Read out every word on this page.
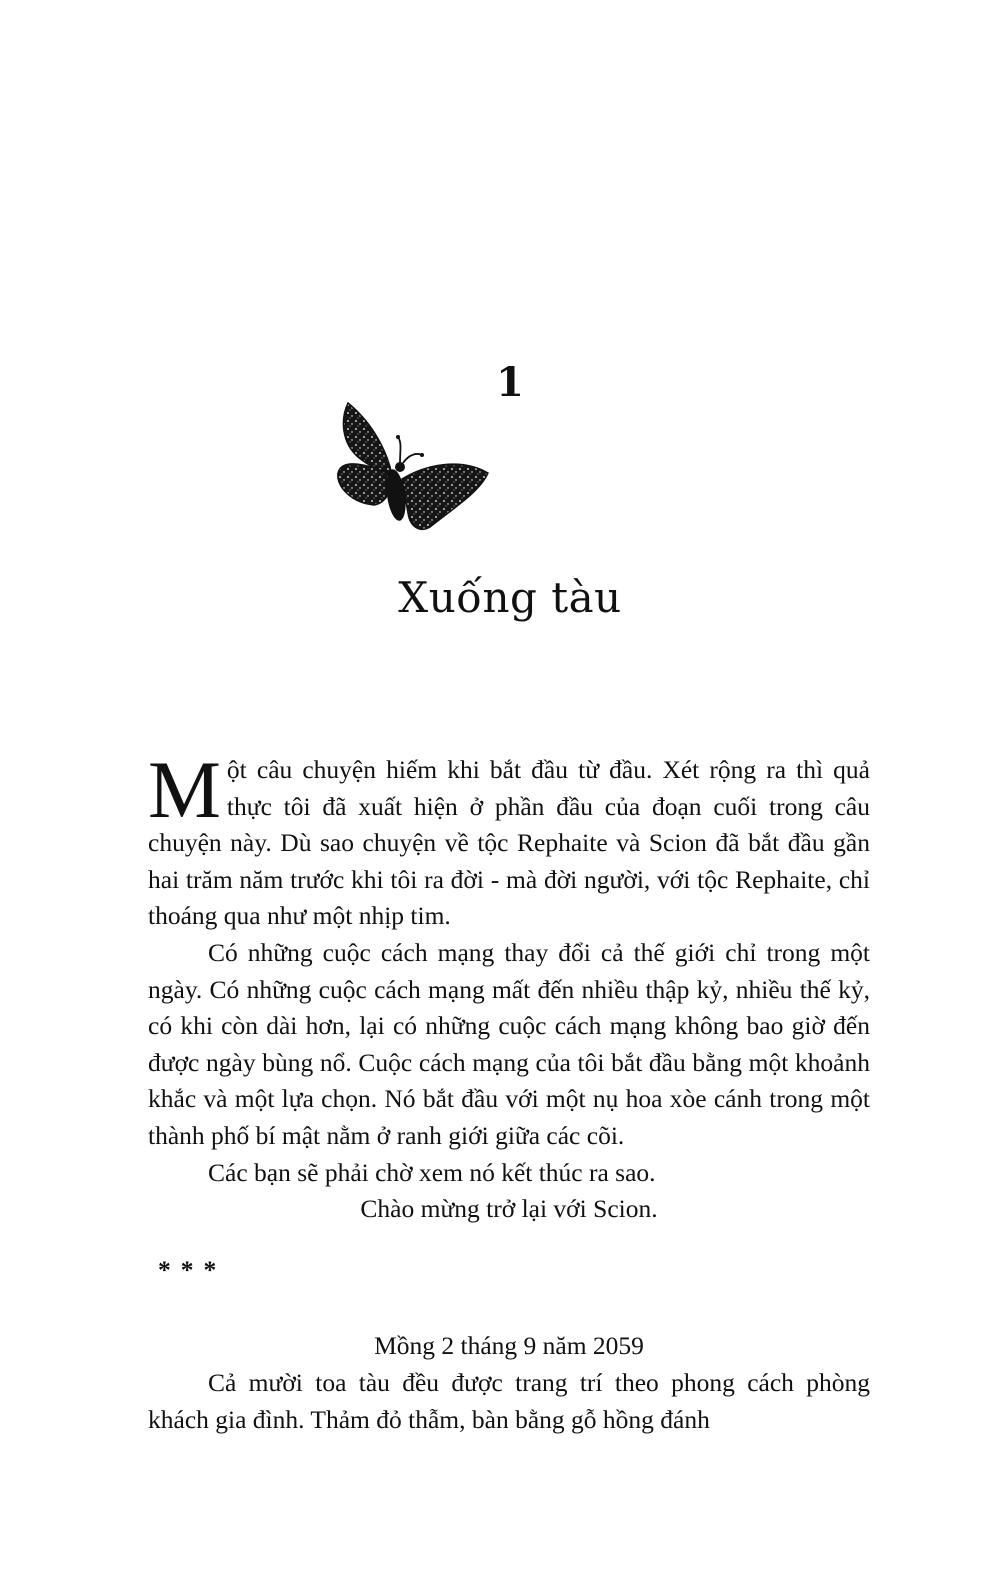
1
Xuống tàu

Một câu chuyện hiếm khi bắt đầu từ đầu. Xét rộng ra thì quả thực tôi đã xuất hiện ở phần đầu của đoạn cuối trong câu chuyện này. Dù sao chuyện về tộc Rephaite và Scion đã bắt đầu gần hai trăm năm trước khi tôi ra đời - mà đời người, với tộc Rephaite, chỉ thoáng qua như một nhịp tim.

Có những cuộc cách mạng thay đổi cả thế giới chỉ trong một ngày. Có những cuộc cách mạng mất đến nhiều thập kỷ, nhiều thế kỷ, có khi còn dài hơn, lại có những cuộc cách mạng không bao giờ đến được ngày bùng nổ. Cuộc cách mạng của tôi bắt đầu bằng một khoảnh khắc và một lựa chọn. Nó bắt đầu với một nụ hoa xòe cánh trong một thành phố bí mật nằm ở ranh giới giữa các cõi.

Các bạn sẽ phải chờ xem nó kết thúc ra sao.

Chào mừng trở lại với Scion.

***

Mồng 2 tháng 9 năm 2059

Cả mười toa tàu đều được trang trí theo phong cách phòng khách gia đình. Thảm đỏ thẫm, bàn bằng gỗ hồng đánh
